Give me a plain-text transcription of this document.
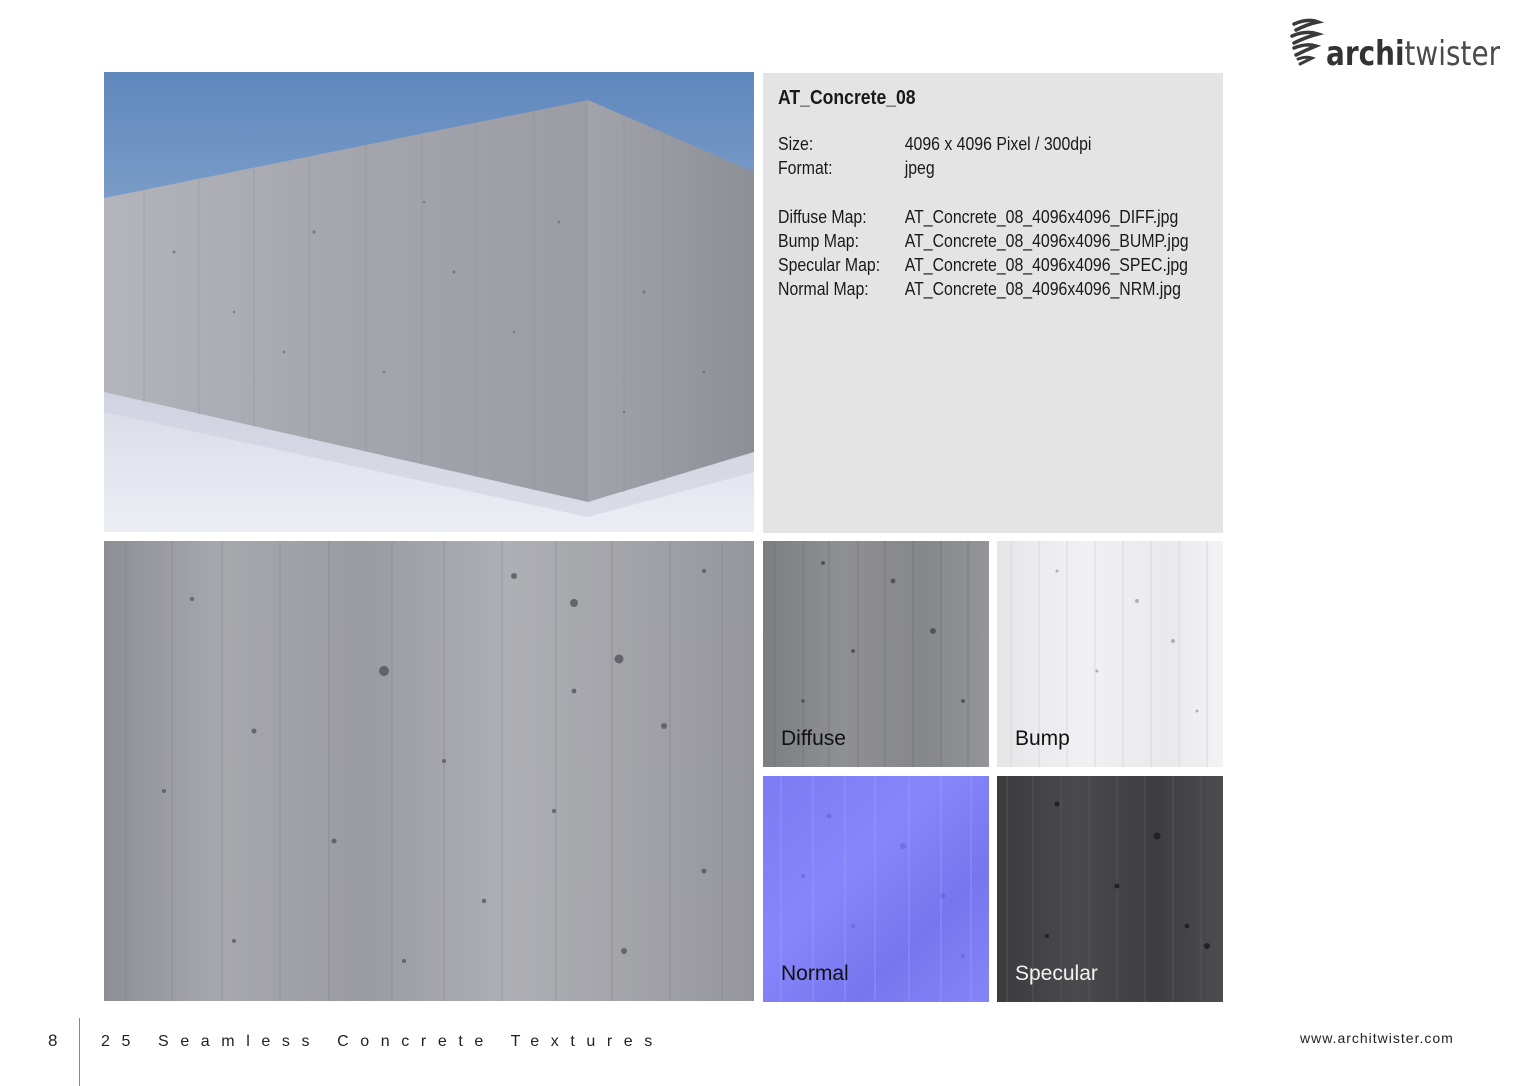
architwister
AT_Concrete_08
Size:	4096 x 4096 Pixel / 300dpi
Format:	jpeg
Diffuse Map: AT_Concrete_08_4096x4096_DIFF.jpg
Bump Map:	AT_Concrete_08_4096x4096_BUMP.jpg
Specular Map: AT_Concrete_08_4096x4096_SPEC.jpg
Normal Map: AT_Concrete_08_4096x4096_NRM.jpg
Diffuse	Bump
Normal	Specular
8	25 Seamless Concrete Textures	www.architwister.com
